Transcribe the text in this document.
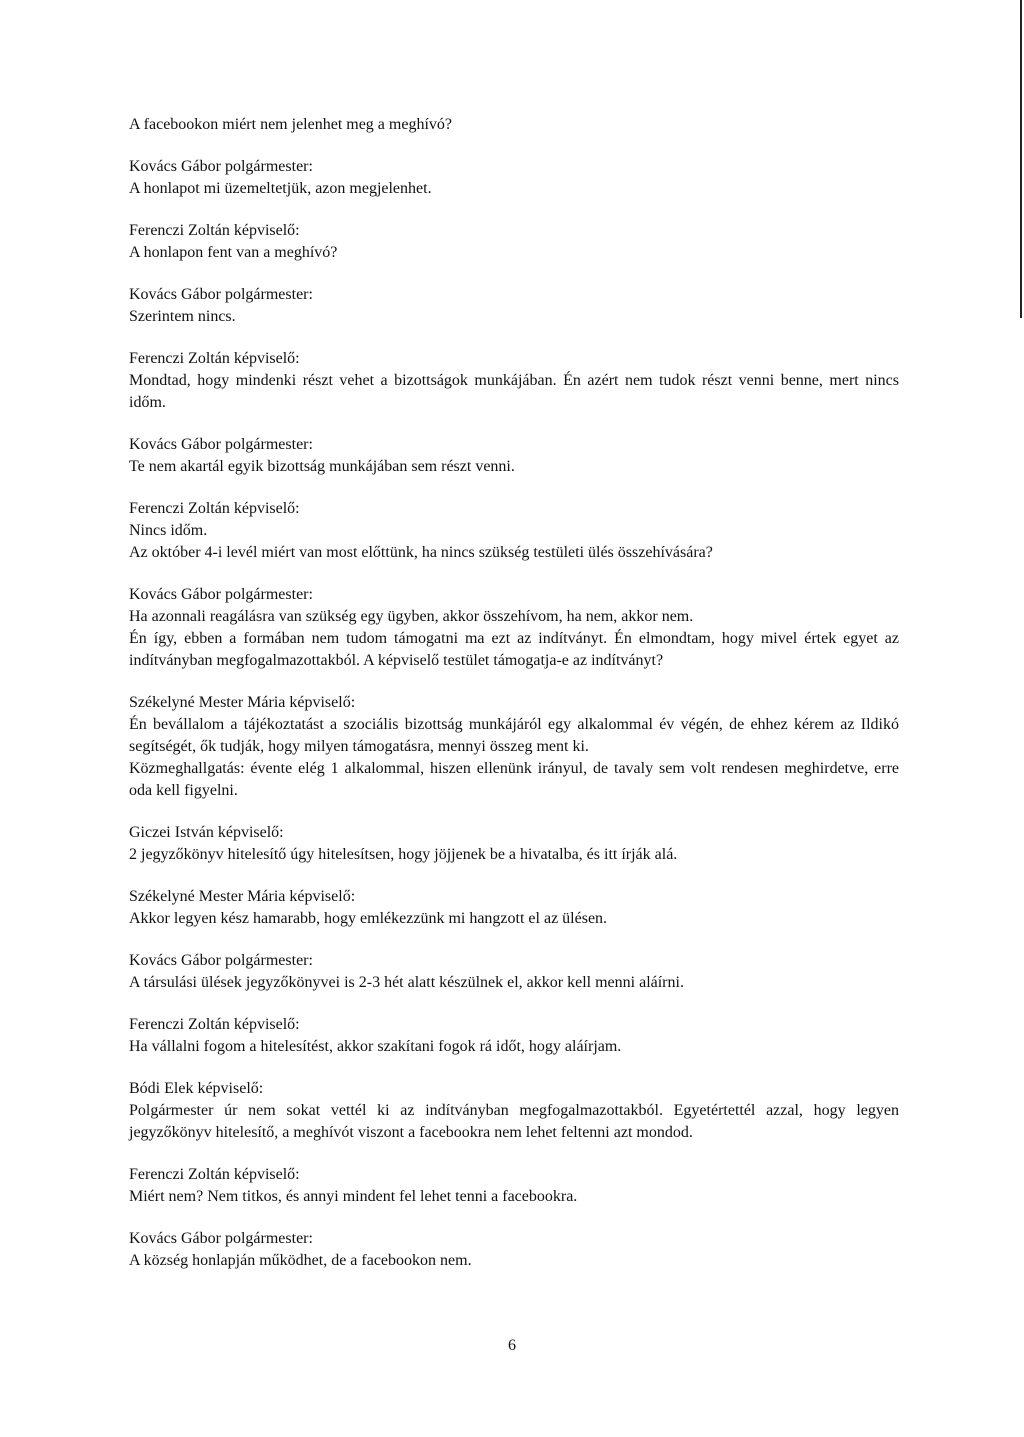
A facebookon miért nem jelenhet meg a meghívó?

Kovács Gábor polgármester:

A honlapot mi üzemeltetjük, azon megjelenhet.

Ferenczi Zoltán képviselő:

A honlapon fent van a meghívó?

Kovács Gábor polgármester:

Szerintem nincs.

Ferenczi Zoltán képviselő:

Mondtad, hogy mindenki részt vehet a bizottságok munkájában. Én azért nem tudok részt venni benne, mert nincs időm.

Kovács Gábor polgármester:

Te nem akartál egyik bizottság munkájában sem részt venni.

Ferenczi Zoltán képviselő:

Nincs időm.

Az október 4-i levél miért van most előttünk, ha nincs szükség testületi ülés összehívására?

Kovács Gábor polgármester:

Ha azonnali reagálásra van szükség egy ügyben, akkor összehívom, ha nem, akkor nem.

Én így, ebben a formában nem tudom támogatni ma ezt az indítványt. Én elmondtam, hogy mivel értek egyet az indítványban megfogalmazottakból. A képviselő testület támogatja-e az indítványt?

Székelyné Mester Mária képviselő:

Én bevállalom a tájékoztatást a szociális bizottság munkájáról egy alkalommal év végén, de ehhez kérem az Ildikó segítségét, ők tudják, hogy milyen támogatásra, mennyi összeg ment ki.

Közmeghallgatás: évente elég 1 alkalommal, hiszen ellenünk irányul, de tavaly sem volt rendesen meghirdetve, erre oda kell figyelni.

Giczei István képviselő:

2 jegyzőkönyv hitelesítő úgy hitelesítsen, hogy jöjjenek be a hivatalba, és itt írják alá.

Székelyné Mester Mária képviselő:

Akkor legyen kész hamarabb, hogy emlékezzünk mi hangzott el az ülésen.

Kovács Gábor polgármester:

A társulási ülések jegyzőkönyvei is 2-3 hét alatt készülnek el, akkor kell menni aláírni.

Ferenczi Zoltán képviselő:

Ha vállalni fogom a hitelesítést, akkor szakítani fogok rá időt, hogy aláírjam.

Bódi Elek képviselő:

Polgármester úr nem sokat vettél ki az indítványban megfogalmazottakból. Egyetértettél azzal, hogy legyen jegyzőkönyv hitelesítő, a meghívót viszont a facebookra nem lehet feltenni azt mondod.

Ferenczi Zoltán képviselő:

Miért nem? Nem titkos, és annyi mindent fel lehet tenni a facebookra.

Kovács Gábor polgármester:

A község honlapján működhet, de a facebookon nem.

6
